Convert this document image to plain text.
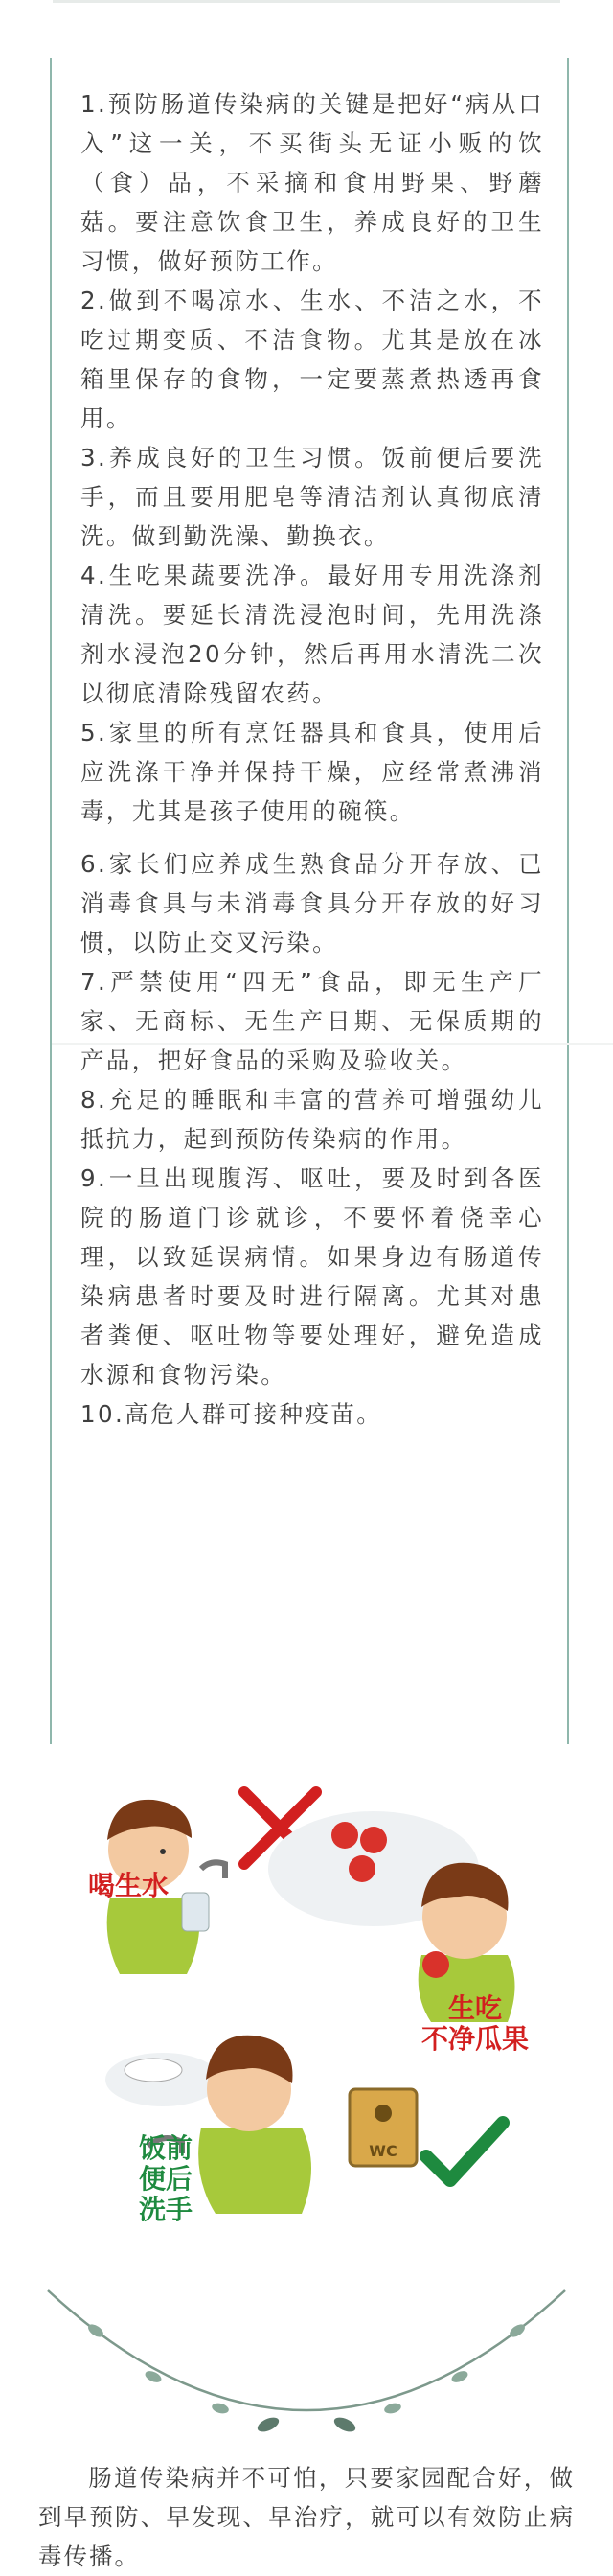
1.预防肠道传染病的关键是把好“病从口入”这一关，不买街头无证小贩的饮（食）品，不采摘和食用野果、野蘑菇。要注意饮食卫生，养成良好的卫生习惯，做好预防工作。

2.做到不喝凉水、生水、不洁之水，不吃过期变质、不洁食物。尤其是放在冰箱里保存的食物，一定要蒸煮热透再食用。

3.养成良好的卫生习惯。饭前便后要洗手，而且要用肥皂等清洁剂认真彻底清洗。做到勤洗澡、勤换衣。

4.生吃果蔬要洗净。最好用专用洗涤剂清洗。要延长清洗浸泡时间，先用洗涤剂水浸泡20分钟，然后再用水清洗二次以彻底清除残留农药。

5.家里的所有烹饪器具和食具，使用后应洗涤干净并保持干燥，应经常煮沸消毒，尤其是孩子使用的碗筷。

6.家长们应养成生熟食品分开存放、已消毒食具与未消毒食具分开存放的好习惯，以防止交叉污染。

7.严禁使用“四无”食品，即无生产厂家、无商标、无生产日期、无保质期的产品，把好食品的采购及验收关。

8.充足的睡眠和丰富的营养可增强幼儿抵抗力，起到预防传染病的作用。

9.一旦出现腹泻、呕吐，要及时到各医院的肠道门诊就诊，不要怀着侥幸心理，以致延误病情。如果身边有肠道传染病患者时要及时进行隔离。尤其对患者粪便、呕吐物等要处理好，避免造成水源和食物污染。

10.高危人群可接种疫苗。

WC
喝生水
生吃
不净瓜果
饭前
便后
洗手
肠道传染病并不可怕，只要家园配合好，做到早预防、早发现、早治疗，就可以有效防止病毒传播。
